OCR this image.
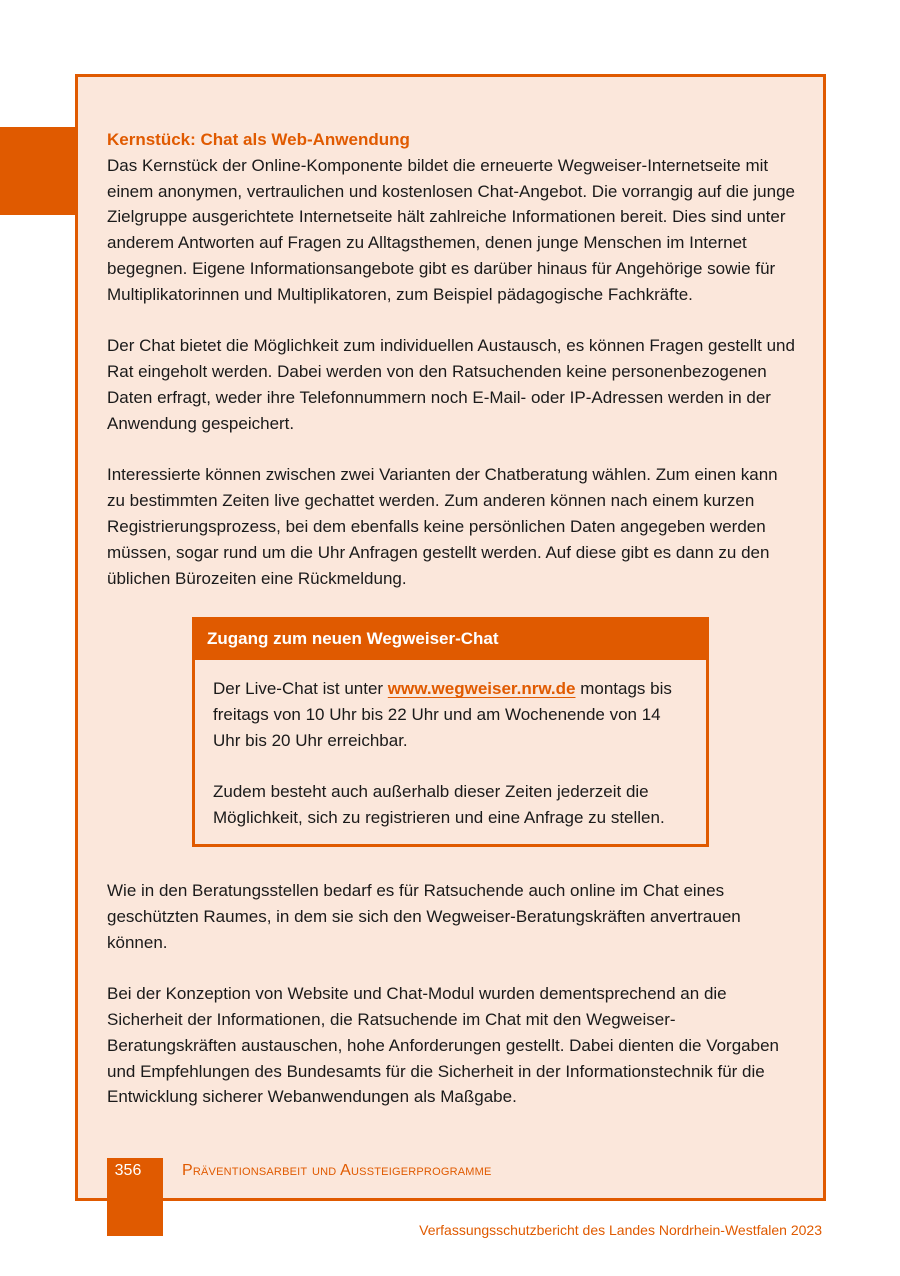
Kernstück: Chat als Web-Anwendung
Das Kernstück der Online-Komponente bildet die erneuerte Wegweiser-Internetseite mit einem anonymen, vertraulichen und kostenlosen Chat-Angebot. Die vorrangig auf die junge Zielgruppe ausgerichtete Internetseite hält zahlreiche Informationen bereit. Dies sind unter anderem Antworten auf Fragen zu Alltagsthemen, denen junge Menschen im Internet begegnen. Eigene Informationsangebote gibt es darüber hinaus für Angehörige sowie für Multiplikatorinnen und Multiplikatoren, zum Beispiel pädagogische Fachkräfte.

Der Chat bietet die Möglichkeit zum individuellen Austausch, es können Fragen gestellt und Rat eingeholt werden. Dabei werden von den Ratsuchenden keine personenbezogenen Daten erfragt, weder ihre Telefonnummern noch E-Mail- oder IP-Adressen werden in der Anwendung gespeichert.

Interessierte können zwischen zwei Varianten der Chatberatung wählen. Zum einen kann zu bestimmten Zeiten live gechattet werden. Zum anderen können nach einem kurzen Registrierungsprozess, bei dem ebenfalls keine persönlichen Daten angegeben werden müssen, sogar rund um die Uhr Anfragen gestellt werden. Auf diese gibt es dann zu den üblichen Bürozeiten eine Rückmeldung.

Zugang zum neuen Wegweiser-Chat

Der Live-Chat ist unter www.wegweiser.nrw.de montags bis freitags von 10 Uhr bis 22 Uhr und am Wochenende von 14 Uhr bis 20 Uhr erreichbar.

Zudem besteht auch außerhalb dieser Zeiten jederzeit die Möglichkeit, sich zu registrieren und eine Anfrage zu stellen.

Wie in den Beratungsstellen bedarf es für Ratsuchende auch online im Chat eines geschützten Raumes, in dem sie sich den Wegweiser-Beratungskräften anvertrauen können.

Bei der Konzeption von Website und Chat-Modul wurden dementsprechend an die Sicherheit der Informationen, die Ratsuchende im Chat mit den Wegweiser-Beratungskräften austauschen, hohe Anforderungen gestellt. Dabei dienten die Vorgaben und Empfehlungen des Bundesamts für die Sicherheit in der Informationstechnik für die Entwicklung sicherer Webanwendungen als Maßgabe.

356	Präventionsarbeit und Aussteigerprogramme
Verfassungsschutzbericht des Landes Nordrhein-Westfalen 2023
